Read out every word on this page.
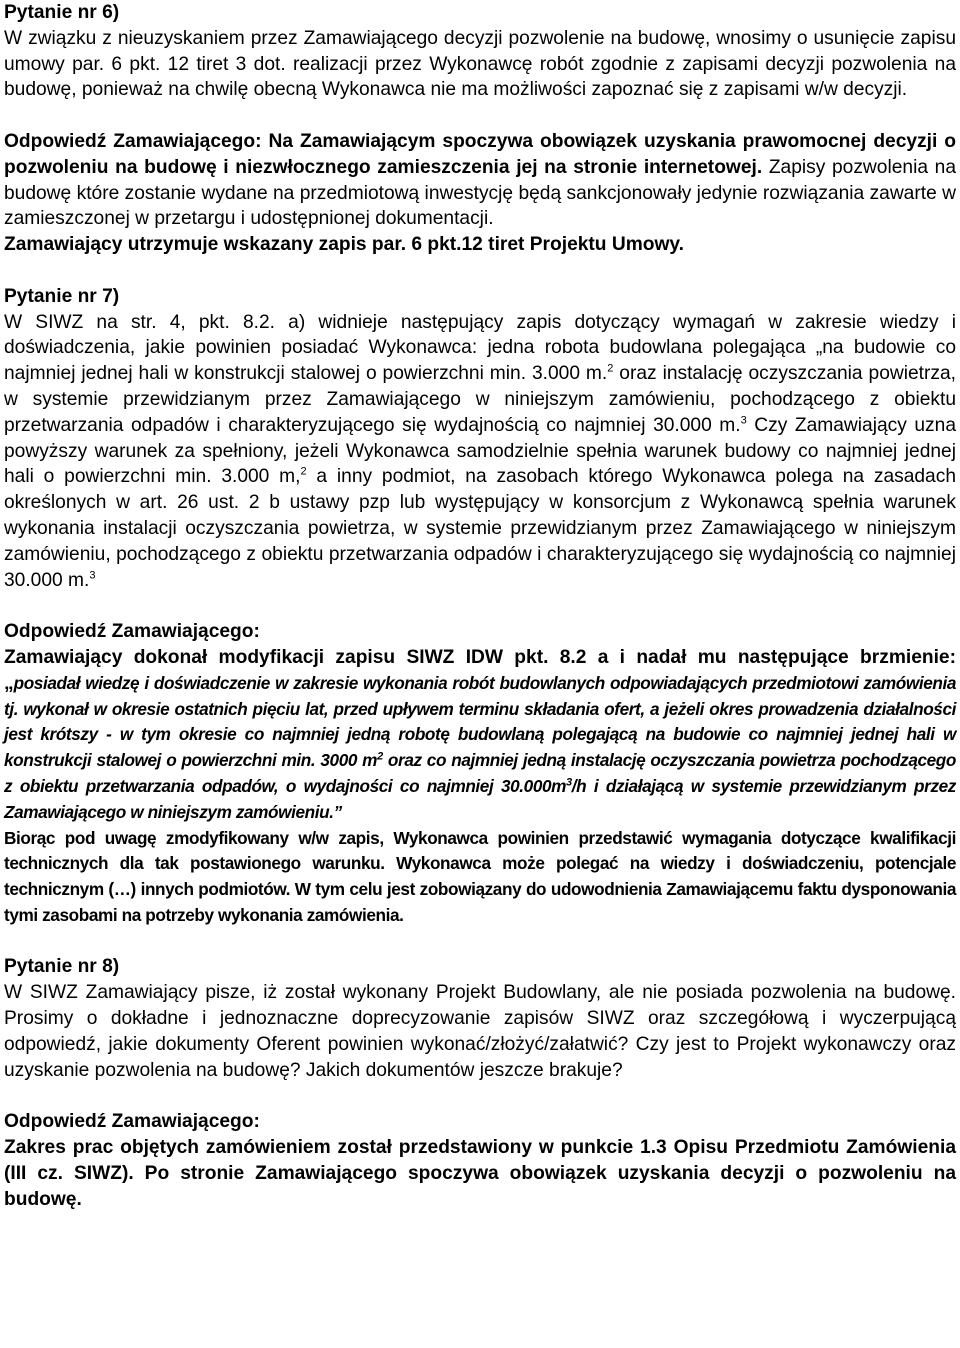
Pytanie nr 6)

W związku z nieuzyskaniem przez Zamawiającego decyzji pozwolenie na budowę, wnosimy o usunięcie zapisu umowy par. 6 pkt. 12 tiret 3 dot. realizacji przez Wykonawcę robót zgodnie z zapisami decyzji pozwolenia na budowę, ponieważ na chwilę obecną Wykonawca nie ma możliwości zapoznać się z zapisami w/w decyzji.

Odpowiedź Zamawiającego: Na Zamawiającym spoczywa obowiązek uzyskania prawomocnej decyzji o pozwoleniu na budowę i niezwłocznego zamieszczenia jej na stronie internetowej. Zapisy pozwolenia na budowę które zostanie wydane na przedmiotową inwestycję będą sankcjonowały jedynie rozwiązania zawarte w zamieszczonej w przetargu i udostępnionej dokumentacji.

Zamawiający utrzymuje wskazany zapis par. 6 pkt.12 tiret Projektu Umowy.

Pytanie nr 7)

W SIWZ na str. 4, pkt. 8.2. a) widnieje następujący zapis dotyczący wymagań w zakresie wiedzy i doświadczenia, jakie powinien posiadać Wykonawca: jedna robota budowlana polegająca „na budowie co najmniej jednej hali w konstrukcji stalowej o powierzchni min. 3.000 m.$^2$ oraz instalację oczyszczania powietrza, w systemie przewidzianym przez Zamawiającego w niniejszym zamówieniu, pochodzącego z obiektu przetwarzania odpadów i charakteryzującego się wydajnością co najmniej 30.000 m.$^3$ Czy Zamawiający uzna powyższy warunek za spełniony, jeżeli Wykonawca samodzielnie spełnia warunek budowy co najmniej jednej hali o powierzchni min. 3.000 m,$^2$ a inny podmiot, na zasobach którego Wykonawca polega na zasadach określonych w art. 26 ust. 2 b ustawy pzp lub występujący w konsorcjum z Wykonawcą spełnia warunek wykonania instalacji oczyszczania powietrza, w systemie przewidzianym przez Zamawiającego w niniejszym zamówieniu, pochodzącego z obiektu przetwarzania odpadów i charakteryzującego się wydajnością co najmniej 30.000 m.$^3$

Odpowiedź Zamawiającego:

Zamawiający dokonał modyfikacji zapisu SIWZ IDW pkt. 8.2 a i nadał mu następujące brzmienie: „posiadał wiedzę i doświadczenie w zakresie wykonania robót budowlanych odpowiadających przedmiotowi zamówienia tj. wykonał w okresie ostatnich pięciu lat, przed upływem terminu składania ofert, a jeżeli okres prowadzenia działalności jest krótszy - w tym okresie co najmniej jedną robotę budowlaną polegającą na budowie co najmniej jednej hali w konstrukcji stalowej o powierzchni min. 3000 $m^2$ oraz co najmniej jedną instalację oczyszczania powietrza pochodzącego z obiektu przetwarzania odpadów, o wydajności co najmniej $30.000m^3/h$ i działającą w systemie przewidzianym przez Zamawiającego w niniejszym zamówieniu.”

Biorąc pod uwagę zmodyfikowany w/w zapis, Wykonawca powinien przedstawić wymagania dotyczące kwalifikacji technicznych dla tak postawionego warunku. Wykonawca może polegać na wiedzy i doświadczeniu, potencjale technicznym (…) innych podmiotów. W tym celu jest zobowiązany do udowodnienia Zamawiającemu faktu dysponowania tymi zasobami na potrzeby wykonania zamówienia.

Pytanie nr 8)

W SIWZ Zamawiający pisze, iż został wykonany Projekt Budowlany, ale nie posiada pozwolenia na budowę. Prosimy o dokładne i jednoznaczne doprecyzowanie zapisów SIWZ oraz szczegółową i wyczerpującą odpowiedź, jakie dokumenty Oferent powinien wykonać/złożyć/załatwić? Czy jest to Projekt wykonawczy oraz uzyskanie pozwolenia na budowę? Jakich dokumentów jeszcze brakuje?

Odpowiedź Zamawiającego:

Zakres prac objętych zamówieniem został przedstawiony w punkcie 1.3 Opisu Przedmiotu Zamówienia (III cz. SIWZ). Po stronie Zamawiającego spoczywa obowiązek uzyskania decyzji o pozwoleniu na budowę.
